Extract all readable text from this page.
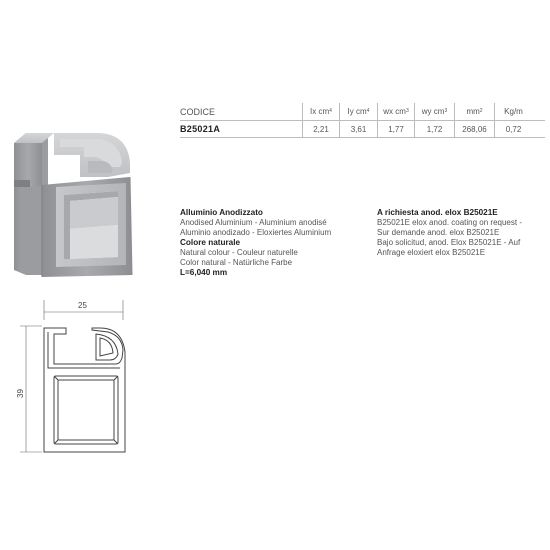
CODICE	Ix cm 4	Iy cm 4	wx cm 3	wy cm 3	mm 2	Kg/m
B25021A	2,21	3,61	1,77	1,72	268,06	0,72
Alluminio Anodizzato
Anodised Aluminium - Aluminium anodisé
Aluminio anodizado - Eloxiertes Aluminium
Colore naturale
Natural colour - Couleur naturelle
Color natural - Natürliche Farbe
L=6,040 mm
A richiesta anod. elox B25021E
B25021E elox anod. coating on request -
Sur demande anod. elox B25021E
Bajo solicitud, anod. Elox B25021E - Auf
Anfrage eloxiert elox B25021E
25
39
